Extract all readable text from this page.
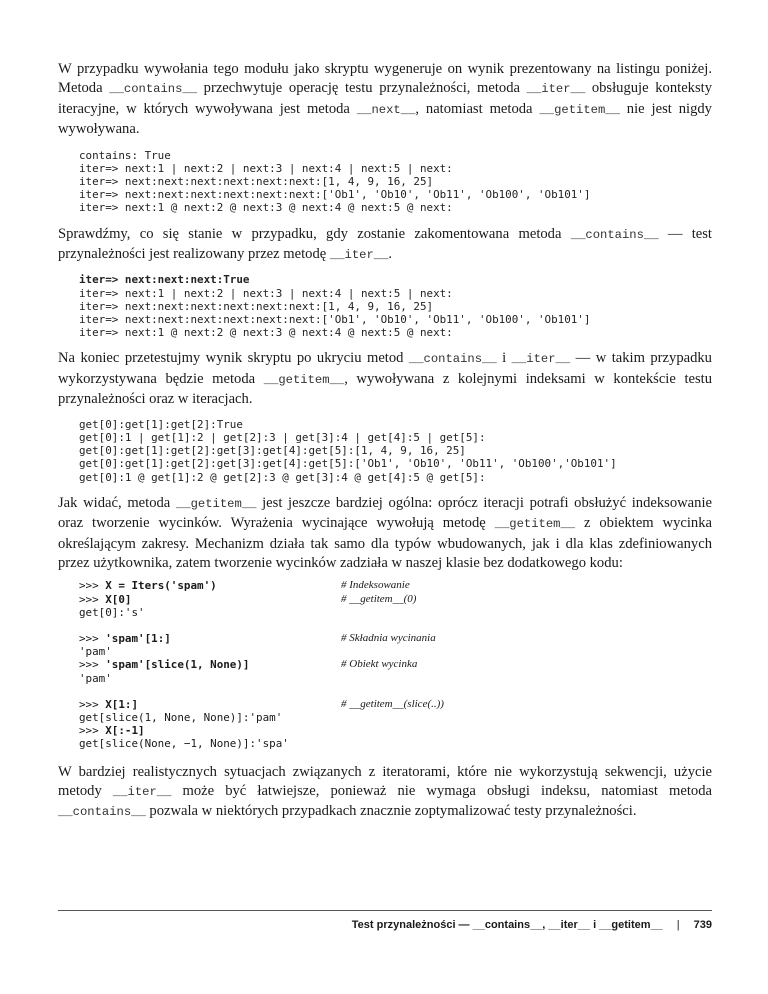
W przypadku wywołania tego modułu jako skryptu wygeneruje on wynik prezentowany na listingu poniżej. Metoda __contains__ przechwytuje operację testu przynależności, metoda __iter__ obsługuje konteksty iteracyjne, w których wywoływana jest metoda __next__, natomiast metoda __getitem__ nie jest nigdy wywoływana.

contains: True
iter=> next:1 | next:2 | next:3 | next:4 | next:5 | next:
iter=> next:next:next:next:next:next:[1, 4, 9, 16, 25]
iter=> next:next:next:next:next:next:['Ob1', 'Ob10', 'Ob11', 'Ob100', 'Ob101']
iter=> next:1 @ next:2 @ next:3 @ next:4 @ next:5 @ next:

Sprawdźmy, co się stanie w przypadku, gdy zostanie zakomentowana metoda __contains__ — test przynależności jest realizowany przez metodę __iter__.

iter=> next:next:next:True
iter=> next:1 | next:2 | next:3 | next:4 | next:5 | next:
iter=> next:next:next:next:next:next:[1, 4, 9, 16, 25]
iter=> next:next:next:next:next:next:['Ob1', 'Ob10', 'Ob11', 'Ob100', 'Ob101']
iter=> next:1 @ next:2 @ next:3 @ next:4 @ next:5 @ next:

Na koniec przetestujmy wynik skryptu po ukryciu metod __contains__ i __iter__ — w takim przypadku wykorzystywana będzie metoda __getitem__, wywoływana z kolejnymi indeksami w kontekście testu przynależności oraz w iteracjach.

get[0]:get[1]:get[2]:True
get[0]:1 | get[1]:2 | get[2]:3 | get[3]:4 | get[4]:5 | get[5]:
get[0]:get[1]:get[2]:get[3]:get[4]:get[5]:[1, 4, 9, 16, 25]
get[0]:get[1]:get[2]:get[3]:get[4]:get[5]:['Ob1', 'Ob10', 'Ob11', 'Ob100','Ob101']
get[0]:1 @ get[1]:2 @ get[2]:3 @ get[3]:4 @ get[4]:5 @ get[5]:

Jak widać, metoda __getitem__ jest jeszcze bardziej ogólna: oprócz iteracji potrafi obsłużyć indeksowanie oraz tworzenie wycinków. Wyrażenia wycinające wywołują metodę __getitem__ z obiektem wycinka określającym zakresy. Mechanizm działa tak samo dla typów wbudowanych, jak i dla klas zdefiniowanych przez użytkownika, zatem tworzenie wycinków zadziała w naszej klasie bez dodatkowego kodu:

>>> X = Iters('spam')	# Indeksowanie
>>> X[0]	# __getitem__(0)
get[0]:'s'
>>> 'spam'[1:]	# Składnia wycinania
'pam'
>>> 'spam'[slice(1, None)]	# Obiekt wycinka
'pam'
>>> X[1:]	# __getitem__(slice(..))
get[slice(1, None, None)]:'pam'
>>> X[:-1]
get[slice(None, −1, None)]:'spa'

W bardziej realistycznych sytuacjach związanych z iteratorami, które nie wykorzystują sekwencji, użycie metody __iter__ może być łatwiejsze, ponieważ nie wymaga obsługi indeksu, natomiast metoda __contains__ pozwala w niektórych przypadkach znacznie zoptymalizować testy przynależności.

Test przynależności — __contains__, __iter__ i __getitem__ | 739
